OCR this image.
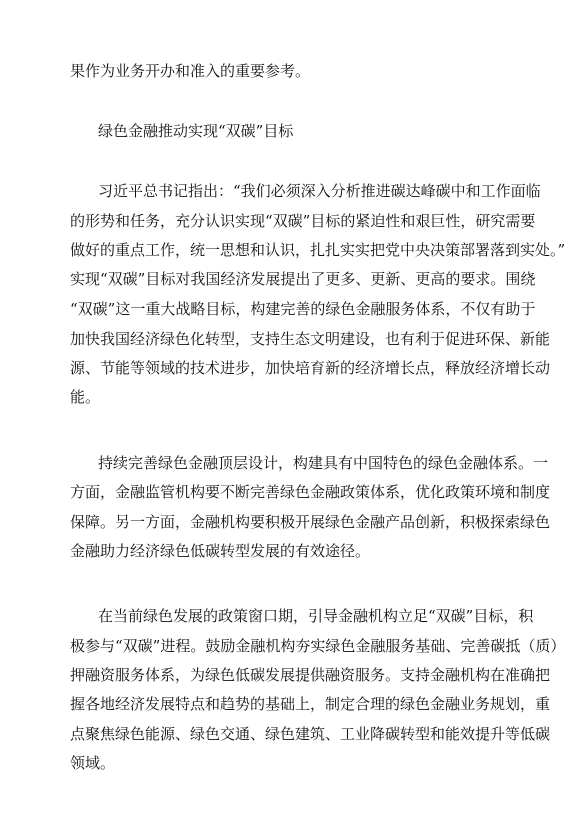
果作为业务开办和准入的重要参考。
绿色金融推动实现“双碳”目标
习近平总书记指出：“我们必须深入分析推进碳达峰碳中和工作面临
的形势和任务，充分认识实现“双碳”目标的紧迫性和艰巨性，研究需要
做好的重点工作，统一思想和认识，扎扎实实把党中央决策部署落到实处。”
实现“双碳”目标对我国经济发展提出了更多、更新、更高的要求。围绕
“双碳”这一重大战略目标，构建完善的绿色金融服务体系，不仅有助于
加快我国经济绿色化转型，支持生态文明建设，也有利于促进环保、新能
源、节能等领域的技术进步，加快培育新的经济增长点，释放经济增长动
能。
持续完善绿色金融顶层设计，构建具有中国特色的绿色金融体系。一
方面，金融监管机构要不断完善绿色金融政策体系，优化政策环境和制度
保障。另一方面，金融机构要积极开展绿色金融产品创新，积极探索绿色
金融助力经济绿色低碳转型发展的有效途径。
在当前绿色发展的政策窗口期，引导金融机构立足“双碳”目标，积
极参与“双碳”进程。鼓励金融机构夯实绿色金融服务基础、完善碳抵（质）
押融资服务体系，为绿色低碳发展提供融资服务。支持金融机构在准确把
握各地经济发展特点和趋势的基础上，制定合理的绿色金融业务规划，重
点聚焦绿色能源、绿色交通、绿色建筑、工业降碳转型和能效提升等低碳
领域。
